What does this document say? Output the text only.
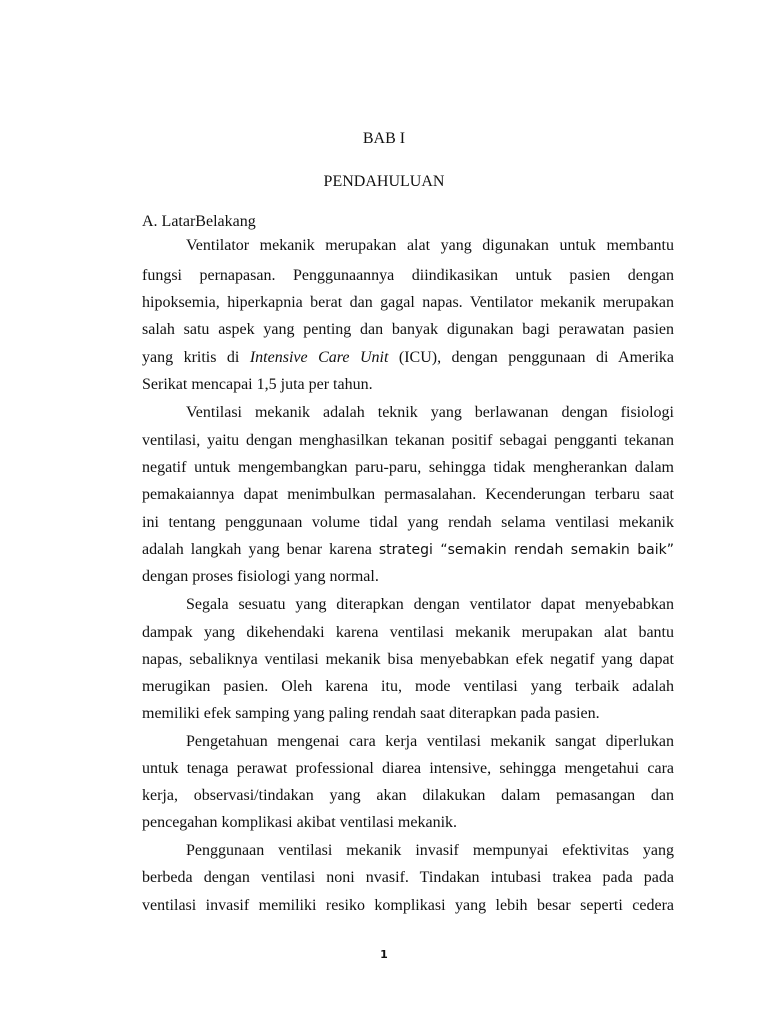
BAB I
PENDAHULUAN
A. LatarBelakang
Ventilator mekanik merupakan alat yang digunakan untuk membantu
fungsi pernapasan. Penggunaannya diindikasikan untuk pasien dengan
hipoksemia, hiperkapnia berat dan gagal napas. Ventilator mekanik merupakan
salah satu aspek yang penting dan banyak digunakan bagi perawatan pasien
yang kritis di Intensive Care Unit (ICU), dengan penggunaan di Amerika
Serikat mencapai 1,5 juta per tahun.
Ventilasi mekanik adalah teknik yang berlawanan dengan fisiologi
ventilasi, yaitu dengan menghasilkan tekanan positif sebagai pengganti tekanan
negatif untuk mengembangkan paru-paru, sehingga tidak mengherankan dalam
pemakaiannya dapat menimbulkan permasalahan. Kecenderungan terbaru saat
ini tentang penggunaan volume tidal yang rendah selama ventilasi mekanik
adalah langkah yang benar karena strategi “semakin rendah semakin baik”
dengan proses fisiologi yang normal.
Segala sesuatu yang diterapkan dengan ventilator dapat menyebabkan
dampak yang dikehendaki karena ventilasi mekanik merupakan alat bantu
napas, sebaliknya ventilasi mekanik bisa menyebabkan efek negatif yang dapat
merugikan pasien. Oleh karena itu, mode ventilasi yang terbaik adalah
memiliki efek samping yang paling rendah saat diterapkan pada pasien.
Pengetahuan mengenai cara kerja ventilasi mekanik sangat diperlukan
untuk tenaga perawat professional diarea intensive, sehingga mengetahui cara
kerja, observasi/tindakan yang akan dilakukan dalam pemasangan dan
pencegahan komplikasi akibat ventilasi mekanik.
Penggunaan ventilasi mekanik invasif mempunyai efektivitas yang
berbeda dengan ventilasi noni nvasif. Tindakan intubasi trakea pada pada
ventilasi invasif memiliki resiko komplikasi yang lebih besar seperti cedera
1
